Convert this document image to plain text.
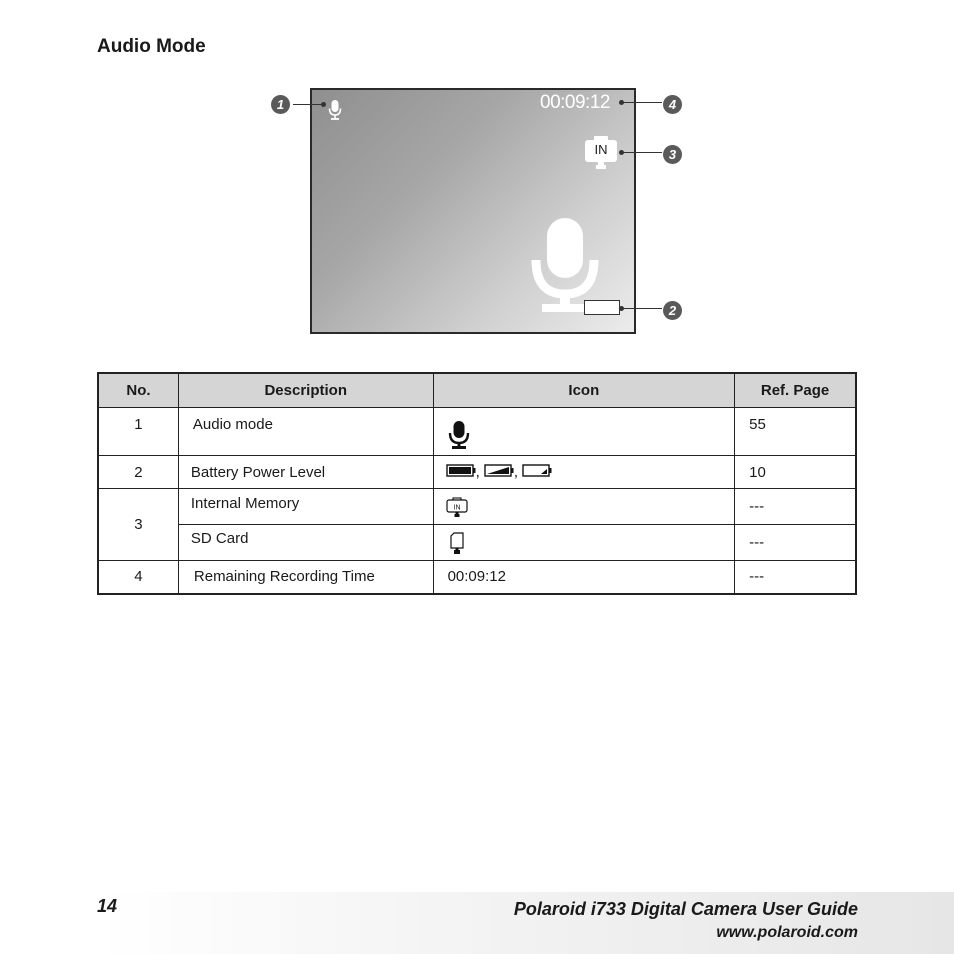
Audio Mode
00:09:12
IN
1	4
3
2
No.	Description	Icon	Ref. Page

1	Audio mode		55

2	Battery Power Level	, ,	10

3	Internal Memory	IN	---

	SD Card		---

4	Remaining Recording Time	00:09:12	---
14	Polaroid i733 Digital Camera User Guide
www.polaroid.com
